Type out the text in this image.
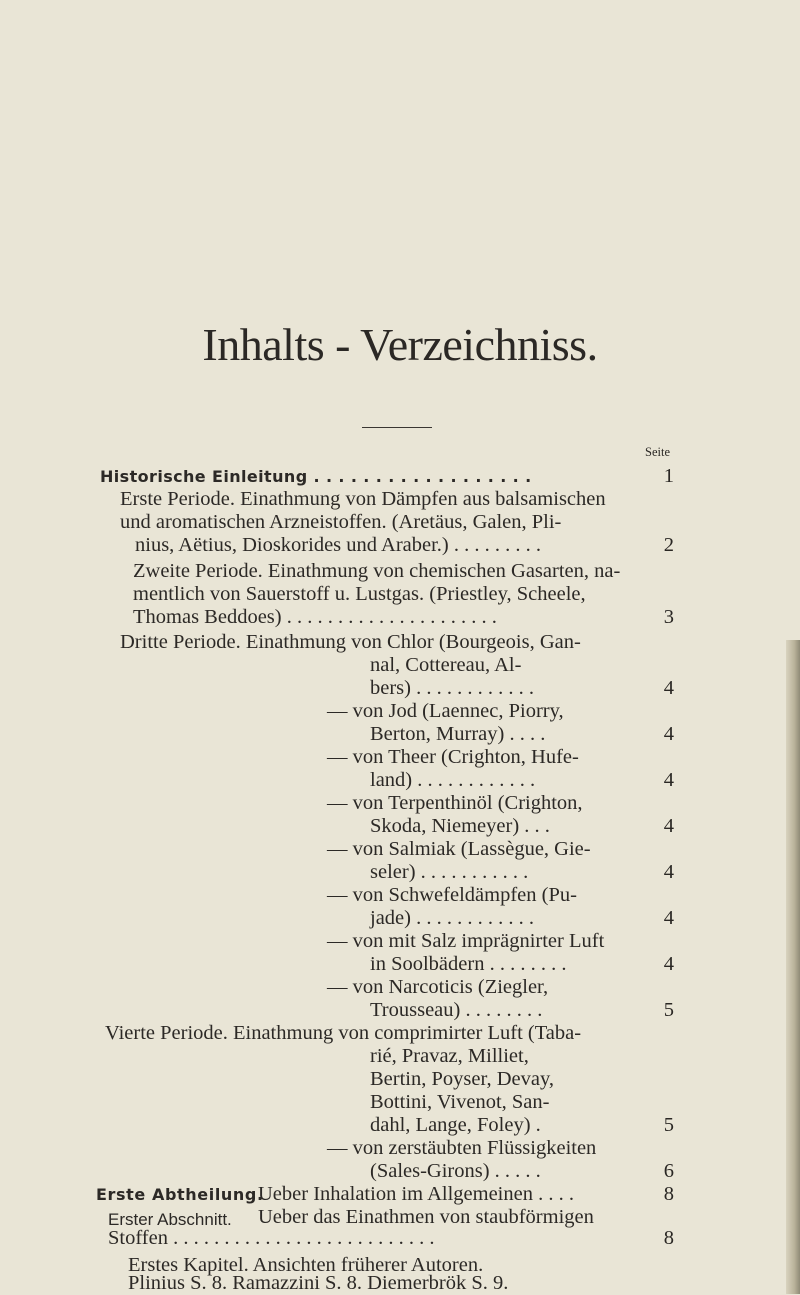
Inhalts - Verzeichniss.
Seite
Historische Einleitung . . . . . . . . . . . . . . . . . .
Erste Periode. Einathmung von Dämpfen aus balsamischen
und aromatischen Arzneistoffen. (Aretäus, Galen, Pli-
nius, Aëtius, Dioskorides und Araber.) . . . . . . . . .
Zweite Periode. Einathmung von chemischen Gasarten, na-
mentlich von Sauerstoff u. Lustgas. (Priestley, Scheele,
Thomas Beddoes) . . . . . . . . . . . . . . . . . . . . .
Dritte Periode. Einathmung von Chlor (Bourgeois, Gan-
nal, Cottereau, Al-
bers) . . . . . . . . . . . .
— von Jod (Laennec, Piorry,
Berton, Murray) . . . .
— von Theer (Crighton, Hufe-
land) . . . . . . . . . . . .
— von Terpenthinöl (Crighton,
Skoda, Niemeyer) . . .
— von Salmiak (Lassègue, Gie-
seler) . . . . . . . . . . .
— von Schwefeldämpfen (Pu-
jade) . . . . . . . . . . . .
— von mit Salz imprägnirter Luft
in Soolbädern . . . . . . . .
— von Narcoticis (Ziegler,
Trousseau) . . . . . . . .
Vierte Periode. Einathmung von comprimirter Luft (Taba-
rié, Pravaz, Milliet,
Bertin, Poyser, Devay,
Bottini, Vivenot, San-
dahl, Lange, Foley) .
— von zerstäubten Flüssigkeiten
(Sales-Girons) . . . . .
Erste Abtheilung.
Ueber Inhalation im Allgemeinen . . . .
Erster Abschnitt. Ueber das Einathmen von staubförmigen
Stoffen . . . . . . . . . . . . . . . . . . . . . . . . . .
Erstes Kapitel. Ansichten früherer Autoren.
Plinius S. 8. Ramazzini S. 8. Diemerbrök S. 9.
1
2
3
4
4
4
4
4
4
4
5
5
6
8
8
